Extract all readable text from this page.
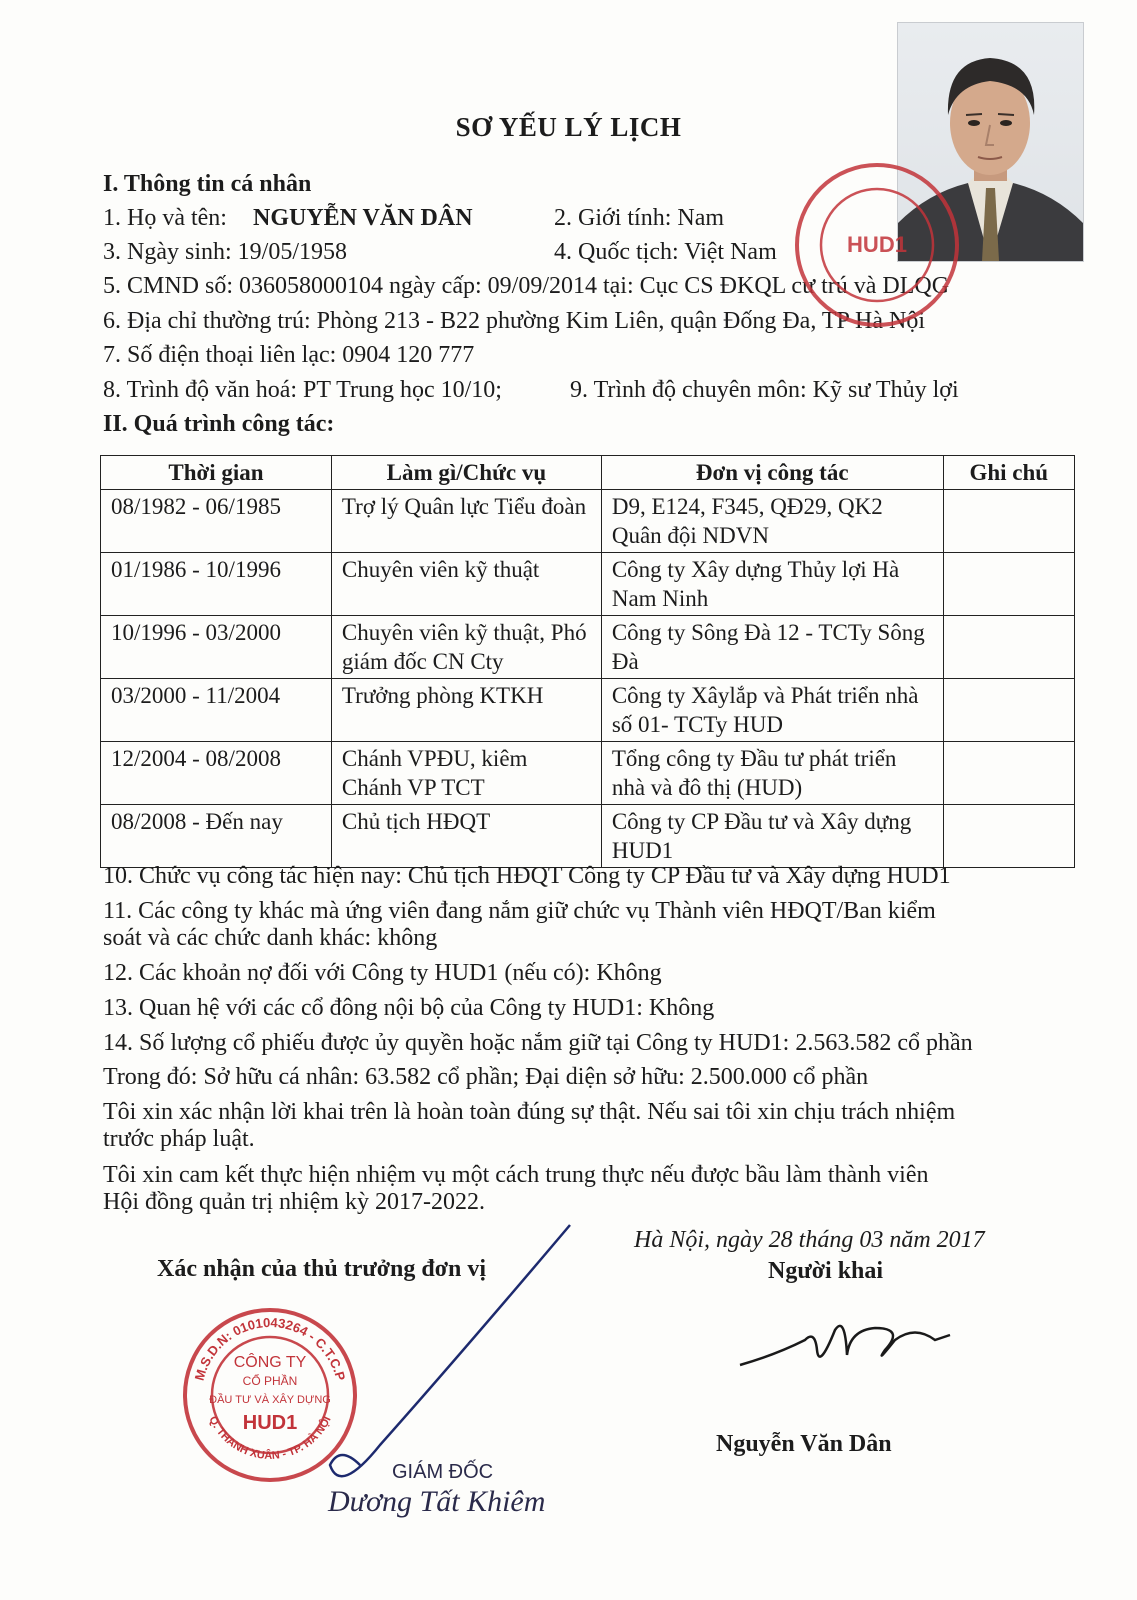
SƠ YẾU LÝ LỊCH
I. Thông tin cá nhân
1. Họ và tên: NGUYỄN VĂN DÂN	2. Giới tính: Nam
3. Ngày sinh: 19/05/1958	4. Quốc tịch: Việt Nam
5. CMND số: 036058000104 ngày cấp: 09/09/2014 tại: Cục CS ĐKQL cư trú và DLQG
6. Địa chỉ thường trú: Phòng 213 - B22 phường Kim Liên, quận Đống Đa, TP Hà Nội
7. Số điện thoại liên lạc: 0904 120 777
8. Trình độ văn hoá: PT Trung học 10/10;	9. Trình độ chuyên môn: Kỹ sư Thủy lợi
II. Quá trình công tác:
Thời gian	Làm gì/Chức vụ	Đơn vị công tác	Ghi chú
08/1982 - 06/1985	Trợ lý Quân lực Tiểu đoàn	D9, E124, F345, QĐ29, QK2 Quân đội NDVN	
01/1986 - 10/1996	Chuyên viên kỹ thuật	Công ty Xây dựng Thủy lợi Hà Nam Ninh	
10/1996 - 03/2000	Chuyên viên kỹ thuật, Phó giám đốc CN Cty	Công ty Sông Đà 12 - TCTy Sông Đà	
03/2000 - 11/2004	Trưởng phòng KTKH	Công ty Xâylắp và Phát triển nhà số 01- TCTy HUD	
12/2004 - 08/2008	Chánh VPĐU, kiêm Chánh VP TCT	Tổng công ty Đầu tư phát triển nhà và đô thị (HUD)	
08/2008 - Đến nay	Chủ tịch HĐQT	Công ty CP Đầu tư và Xây dựng HUD1	
10. Chức vụ công tác hiện nay: Chủ tịch HĐQT Công ty CP Đầu tư và Xây dựng HUD1
11. Các công ty khác mà ứng viên đang nắm giữ chức vụ Thành viên HĐQT/Ban kiểm
soát và các chức danh khác: không
12. Các khoản nợ đối với Công ty HUD1 (nếu có): Không
13. Quan hệ với các cổ đông nội bộ của Công ty HUD1: Không
14. Số lượng cổ phiếu được ủy quyền hoặc nắm giữ tại Công ty HUD1: 2.563.582 cổ phần
Trong đó: Sở hữu cá nhân: 63.582 cổ phần; Đại diện sở hữu: 2.500.000 cổ phần
Tôi xin xác nhận lời khai trên là hoàn toàn đúng sự thật. Nếu sai tôi xin chịu trách nhiệm
trước pháp luật.
Tôi xin cam kết thực hiện nhiệm vụ một cách trung thực nếu được bầu làm thành viên
Hội đồng quản trị nhiệm kỳ 2017-2022.
Hà Nội, ngày 28 tháng 03 năm 2017
Xác nhận của thủ trưởng đơn vị	Người khai
HUD1
M.S.D.N: 0101043264 - C.T.C.P
Q. THANH XUÂN - TP. HÀ NỘI
CÔNG TY
CỔ PHẦN
ĐẦU TƯ VÀ XÂY DỰNG
HUD1
GIÁM ĐỐC
Dương Tất Khiêm
Nguyễn Văn Dân
